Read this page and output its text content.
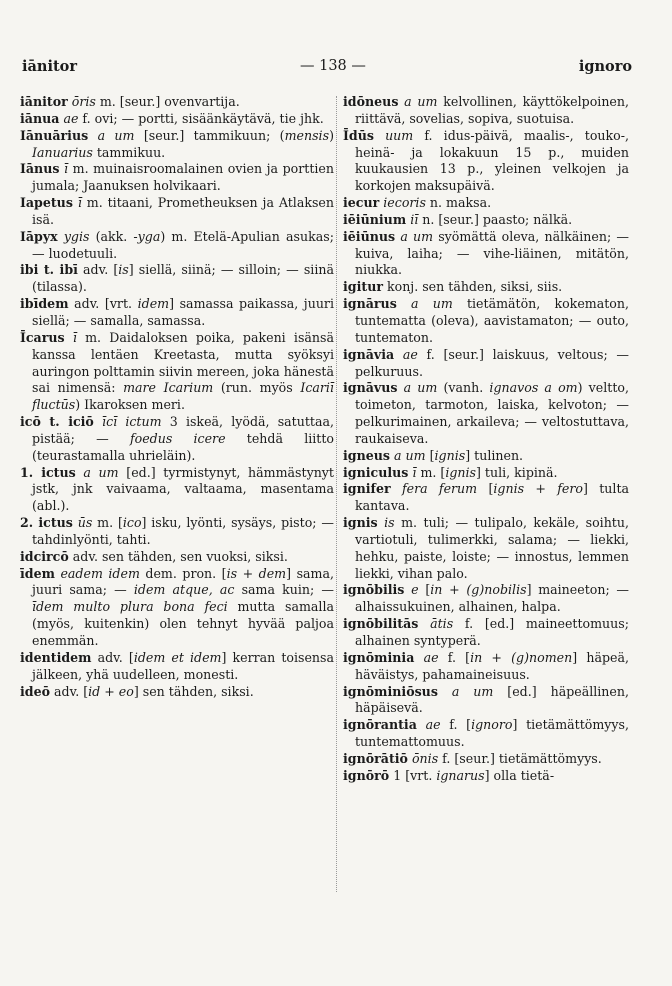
iānitor	— 138 —	ignoro

iānitor ōris m. [seur.] ovenvartija.

iānua ae f. ovi; — portti, sisäänkäytävä, tie jhk.

Iānuārius a um [seur.] tammikuun; (mensis) Ianuarius tammikuu.

Iānus ī m. muinaisroomalainen ovien ja porttien jumala; Jaanuksen holvikaari.

Iapetus ī m. titaani, Prometheuksen ja Atlaksen isä.

Iāpyx ygis (akk. -yga) m. Etelä-Apulian asukas; — luodetuuli.

ibi t. ibī adv. [is] siellä, siinä; — silloin; — siinä (tilassa).

ibīdem adv. [vrt. idem] samassa paikassa, juuri siellä; — samalla, samassa.

Īcarus ī m. Daidaloksen poika, pakeni isänsä kanssa lentäen Kreetasta, mutta syöksyi auringon polttamin siivin mereen, joka hänestä sai nimensä: mare Icarium (run. myös Icariī fluctūs) Ikaroksen meri.

icō t. iciō īcī ictum 3 iskeä, lyödä, satuttaa, pistää; — foedus icere tehdä liitto (teurastamalla uhrieläin).

1. ictus a um [ed.] tyrmistynyt, hämmästynyt jstk, jnk vaivaama, valtaama, masentama (abl.).

2. ictus ūs m. [ico] isku, lyönti, sysäys, pisto; — tahdinlyönti, tahti.

idcircō adv. sen tähden, sen vuoksi, siksi.

īdem eadem idem dem. pron. [is + dem] sama, juuri sama; — idem atque, ac sama kuin; — īdem multo plura bona feci mutta samalla (myös, kuitenkin) olen tehnyt hyvää paljoa enemmän.

identidem adv. [idem et idem] kerran toisensa jälkeen, yhä uudelleen, monesti.

ideō adv. [id + eo] sen tähden, siksi.

idōneus a um kelvollinen, käyttökelpoinen, riittävä, sovelias, sopiva, suotuisa.

Īdūs uum f. idus-päivä, maalis-, touko-, heinä- ja lokakuun 15 p., muiden kuukausien 13 p., yleinen velkojen ja korkojen maksupäivä.

iecur iecoris n. maksa.

iēiūnium iī n. [seur.] paasto; nälkä.

iēiūnus a um syömättä oleva, nälkäinen; — kuiva, laiha; — vihe-liäinen, mitätön, niukka.

igitur konj. sen tähden, siksi, siis.

ignārus a um tietämätön, kokematon, tuntematta (oleva), aavistamaton; — outo, tuntematon.

ignāvia ae f. [seur.] laiskuus, veltous; — pelkuruus.

ignāvus a um (vanh. ignavos a om) veltto, toimeton, tarmoton, laiska, kelvoton; — pelkurimainen, arkaileva; — veltostuttava, raukaiseva.

igneus a um [ignis] tulinen.

igniculus ī m. [ignis] tuli, kipinä.

ignifer fera ferum [ignis + fero] tulta kantava.

ignis is m. tuli; — tulipalo, kekäle, soihtu, vartiotuli, tulimerkki, salama; — liekki, hehku, paiste, loiste; — innostus, lemmen liekki, vihan palo.

ignōbilis e [in + (g)nobilis] maineeton; — alhaissukuinen, alhainen, halpa.

ignōbilitās ātis f. [ed.] maineettomuus; alhainen syntyperä.

ignōminia ae f. [in + (g)nomen] häpeä, häväistys, pahamaineisuus.

ignōminiōsus a um [ed.] häpeällinen, häpäisevä.

ignōrantia ae f. [ignoro] tietämättömyys, tuntemattomuus.

ignōrātiō ōnis f. [seur.] tietämättömyys.

ignōrō 1 [vrt. ignarus] olla tietä-
